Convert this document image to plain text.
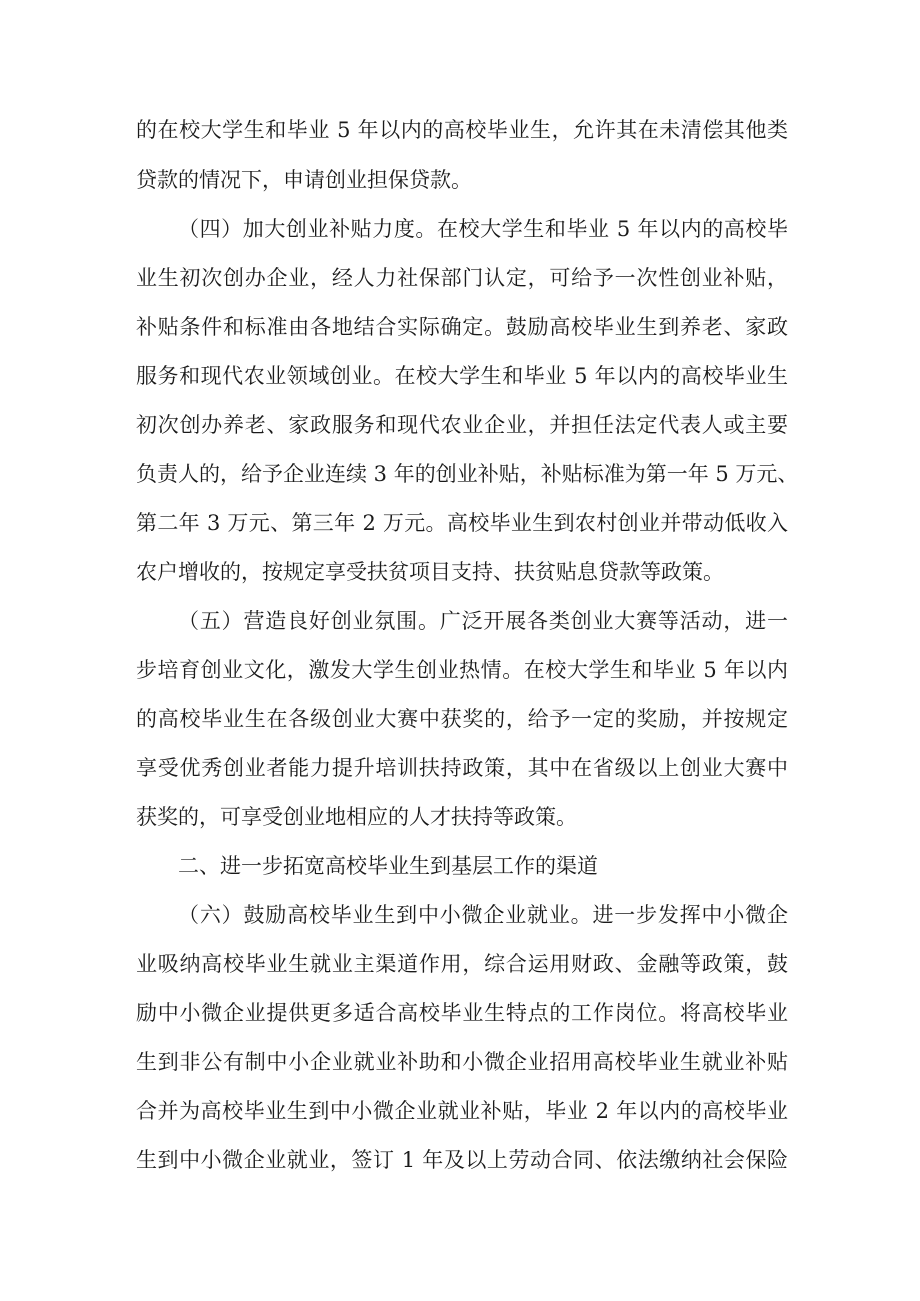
的在校大学生和毕业 5 年以内的高校毕业生，允许其在未清偿其他类
贷款的情况下，申请创业担保贷款。
（四）加大创业补贴力度。在校大学生和毕业 5 年以内的高校毕
业生初次创办企业，经人力社保部门认定，可给予一次性创业补贴，
补贴条件和标准由各地结合实际确定。鼓励高校毕业生到养老、家政
服务和现代农业领域创业。在校大学生和毕业 5 年以内的高校毕业生
初次创办养老、家政服务和现代农业企业，并担任法定代表人或主要
负责人的，给予企业连续 3 年的创业补贴，补贴标准为第一年 5 万元、
第二年 3 万元、第三年 2 万元。高校毕业生到农村创业并带动低收入
农户增收的，按规定享受扶贫项目支持、扶贫贴息贷款等政策。
（五）营造良好创业氛围。广泛开展各类创业大赛等活动，进一
步培育创业文化，激发大学生创业热情。在校大学生和毕业 5 年以内
的高校毕业生在各级创业大赛中获奖的，给予一定的奖励，并按规定
享受优秀创业者能力提升培训扶持政策，其中在省级以上创业大赛中
获奖的，可享受创业地相应的人才扶持等政策。
二、进一步拓宽高校毕业生到基层工作的渠道
（六）鼓励高校毕业生到中小微企业就业。进一步发挥中小微企
业吸纳高校毕业生就业主渠道作用，综合运用财政、金融等政策，鼓
励中小微企业提供更多适合高校毕业生特点的工作岗位。将高校毕业
生到非公有制中小企业就业补助和小微企业招用高校毕业生就业补贴
合并为高校毕业生到中小微企业就业补贴，毕业 2 年以内的高校毕业
生到中小微企业就业，签订 1 年及以上劳动合同、依法缴纳社会保险
